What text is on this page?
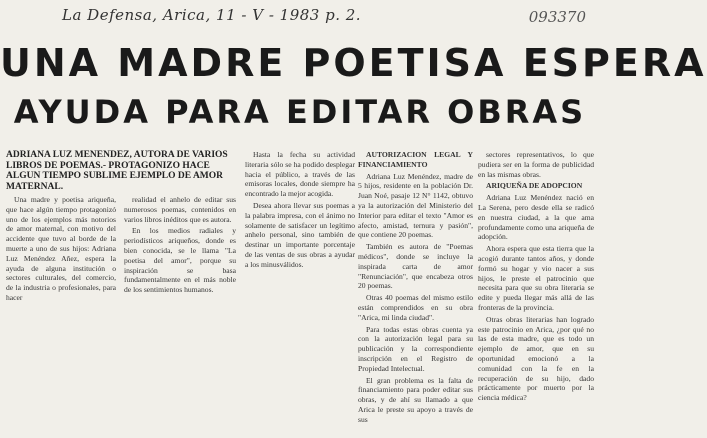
La Defensa, Arica, 11 - V - 1983 p. 2.	093370
UNA MADRE POETISA ESPERA
AYUDA PARA EDITAR OBRAS
ADRIANA LUZ MENENDEZ, AUTORA DE VARIOS LIBROS DE POEMAS.- PROTAGONIZO HACE ALGUN TIEMPO SUBLIME EJEMPLO DE AMOR MATERNAL.

Una madre y poetisa ariqueña, que hace algún tiempo protagonizó uno de los ejemplos más notorios de amor maternal, con motivo del accidente que tuvo al borde de la muerte a uno de sus hijos: Adriana Luz Menéndez Añez, espera la ayuda de alguna institución o sectores culturales, del comercio, de la industria o profesionales, para hacer

realidad el anhelo de editar sus numerosos poemas, contenidos en varios libros inéditos que es autora.

En los medios radiales y periodísticos ariqueños, donde es bien conocida, se le llama "La poetisa del amor", porque su inspiración se basa fundamentalmente en el más noble de los sentimientos humanos.

Hasta la fecha su actividad literaria sólo se ha podido desplegar hacia el público, a través de las emisoras locales, donde siempre ha encontrado la mejor acogida.

Desea ahora llevar sus poemas a la palabra impresa, con el ánimo no solamente de satisfacer un legítimo anhelo personal, sino también de destinar un importante porcentaje de las ventas de sus obras a ayudar a los minusválidos.

AUTORIZACION LEGAL Y FINANCIAMIENTO

Adriana Luz Menéndez, madre de 5 hijos, residente en la población Dr. Juan Noé, pasaje 12 N° 1142, obtuvo ya la autorización del Ministerio del Interior para editar el texto "Amor es afecto, amistad, ternura y pasión", que contiene 20 poemas.

También es autora de "Poemas médicos", donde se incluye la inspirada carta de amor "Renunciación", que encabeza otros 20 poemas.

Otras 40 poemas del mismo estilo están comprendidos en su obra "Arica, mi linda ciudad".

Para todas estas obras cuenta ya con la autorización legal para su publicación y la correspondiente inscripción en el Registro de Propiedad Intelectual.

El gran problema es la falta de financiamiento para poder editar sus obras, y de ahí su llamado a que Arica le preste su apoyo a través de sus

sectores representativos, lo que pudiera ser en la forma de publicidad en las mismas obras.

ARIQUEÑA DE ADOPCION

Adriana Luz Menéndez nació en La Serena, pero desde ella se radicó en nuestra ciudad, a la que ama profundamente como una ariqueña de adopción.

Ahora espera que esta tierra que la acogió durante tantos años, y donde formó su hogar y vio nacer a sus hijos, le preste el patrocinio que necesita para que su obra literaria se edite y pueda llegar más allá de las fronteras de la provincia.

Otras obras literarias han logrado este patrocinio en Arica, ¿por qué no las de esta madre, que es todo un ejemplo de amor, que en su oportunidad emocionó a la comunidad con la fe en la recuperación de su hijo, dado prácticamente por muerto por la ciencia médica?
